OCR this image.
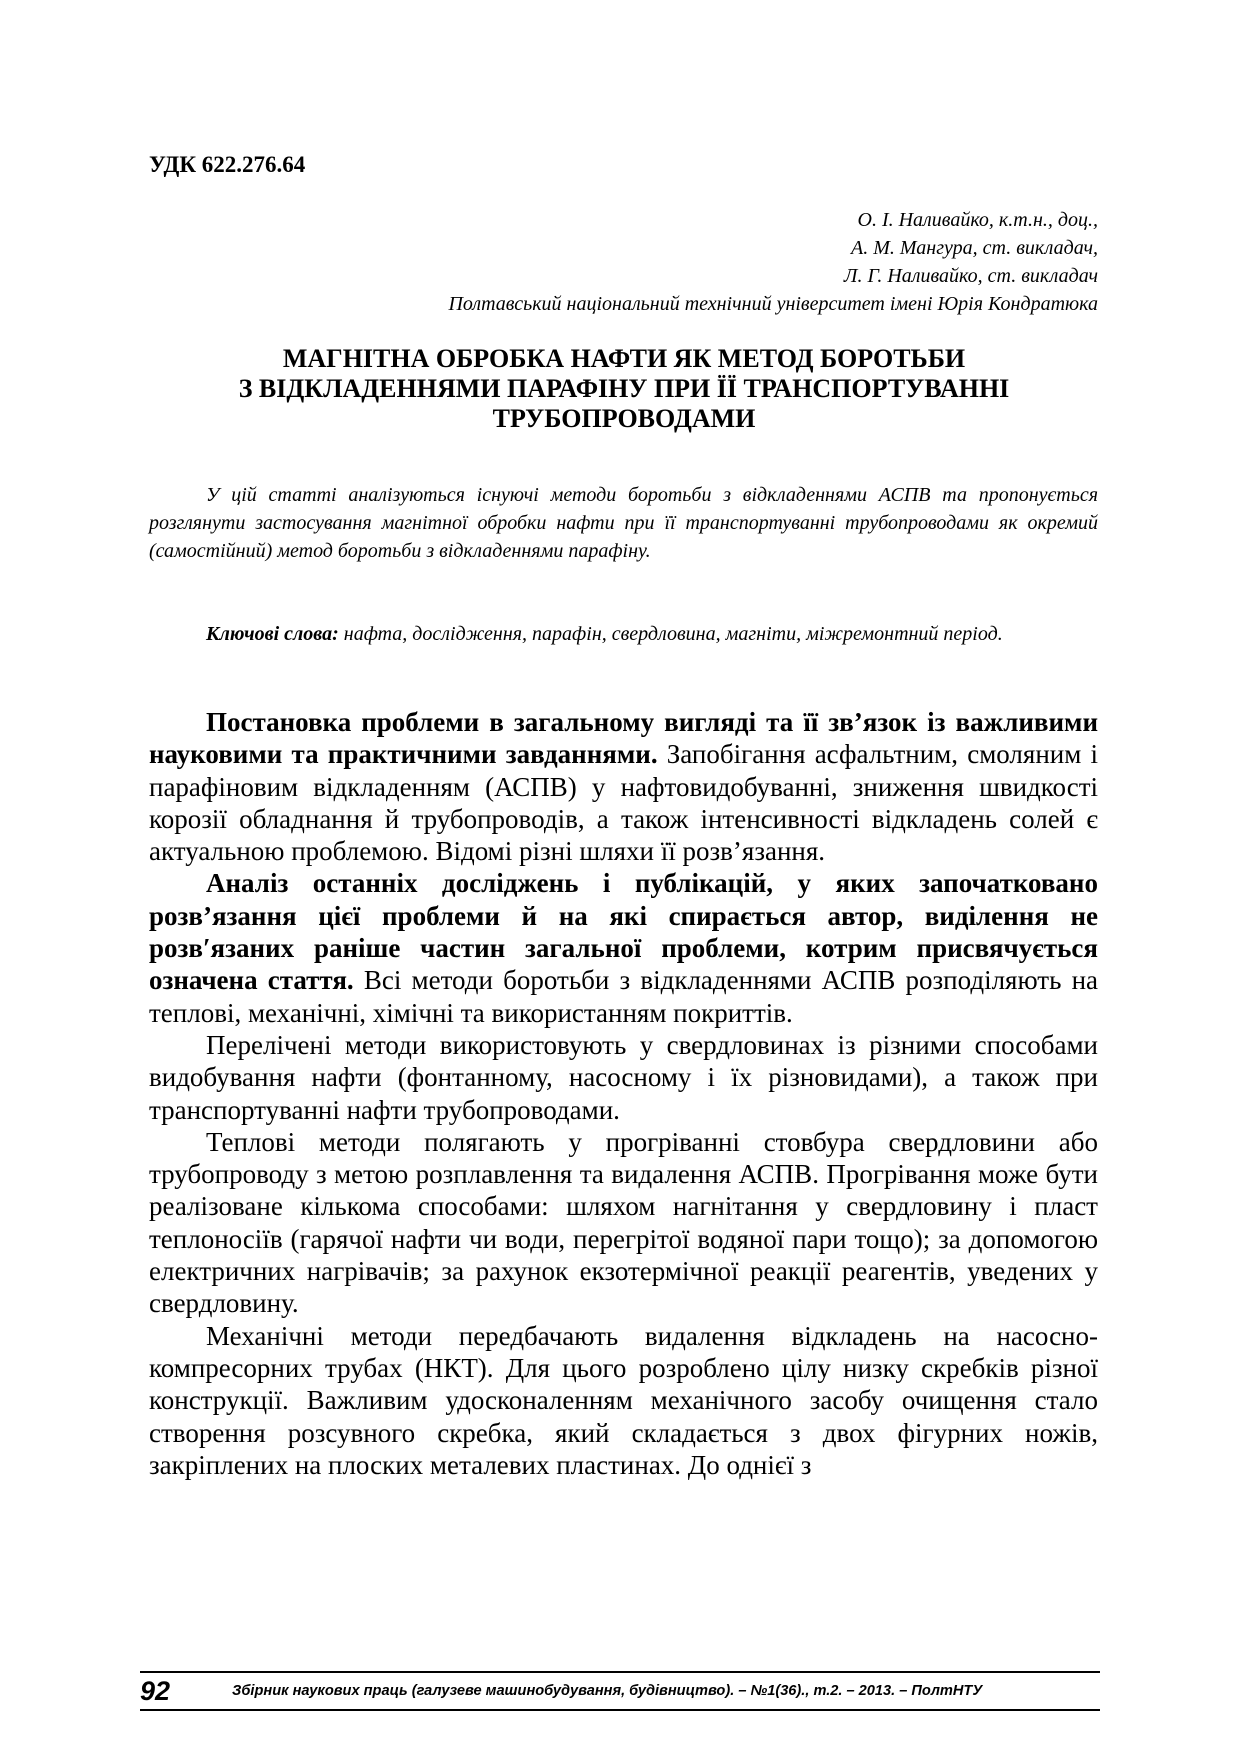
УДК 622.276.64
О. І. Наливайко, к.т.н., доц.,
А. М. Мангура, ст. викладач,
Л. Г. Наливайко, ст. викладач
Полтавський національний технічний університет імені Юрія Кондратюка
МАГНІТНА ОБРОБКА НАФТИ ЯК МЕТОД БОРОТЬБИ
З ВІДКЛАДЕННЯМИ ПАРАФІНУ ПРИ ЇЇ ТРАНСПОРТУВАННІ
ТРУБОПРОВОДАМИ

У цій статті аналізуються існуючі методи боротьби з відкладеннями АСПВ та пропонується розглянути застосування магнітної обробки нафти при її транспортуванні трубопроводами як окремий (самостійний) метод боротьби з відкладеннями парафіну.

Ключові слова: нафта, дослідження, парафін, свердловина, магніти, міжремонтний період.

Постановка проблеми в загальному вигляді та її зв’язок із важливими науковими та практичними завданнями. Запобігання асфальтним, смоляним і парафіновим відкладенням (АСПВ) у нафтовидобуванні, зниження швидкості корозії обладнання й трубопроводів, а також інтенсивності відкладень солей є актуальною проблемою. Відомі різні шляхи її розв’язання.

Аналіз останніх досліджень і публікацій, у яких започатковано розв’язання цієї проблеми й на які спирається автор, виділення не розв′язаних раніше частин загальної проблеми, котрим присвячується означена стаття. Всі методи боротьби з відкладеннями АСПВ розподіляють на теплові, механічні, хімічні та використанням покриттів.

Перелічені методи використовують у свердловинах із різними способами видобування нафти (фонтанному, насосному і їх різновидами), а також при транспортуванні нафти трубопроводами.

Теплові методи полягають у прогріванні стовбура свердловини або трубопроводу з метою розплавлення та видалення АСПВ. Прогрівання може бути реалізоване кількома способами: шляхом нагнітання у свердловину і пласт теплоносіїв (гарячої нафти чи води, перегрітої водяної пари тощо); за допомогою електричних нагрівачів; за рахунок екзотермічної реакції реагентів, уведених у свердловину.

Механічні методи передбачають видалення відкладень на насосно-компресорних трубах (НКТ). Для цього розроблено цілу низку скребків різної конструкції. Важливим удосконаленням механічного засобу очищення стало створення розсувного скребка, який складається з двох фігурних ножів, закріплених на плоских металевих пластинах. До однієї з

92	Збірник наукових праць (галузеве машинобудування, будівництво). – №1(36)., т.2. – 2013. – ПолтНТУ
